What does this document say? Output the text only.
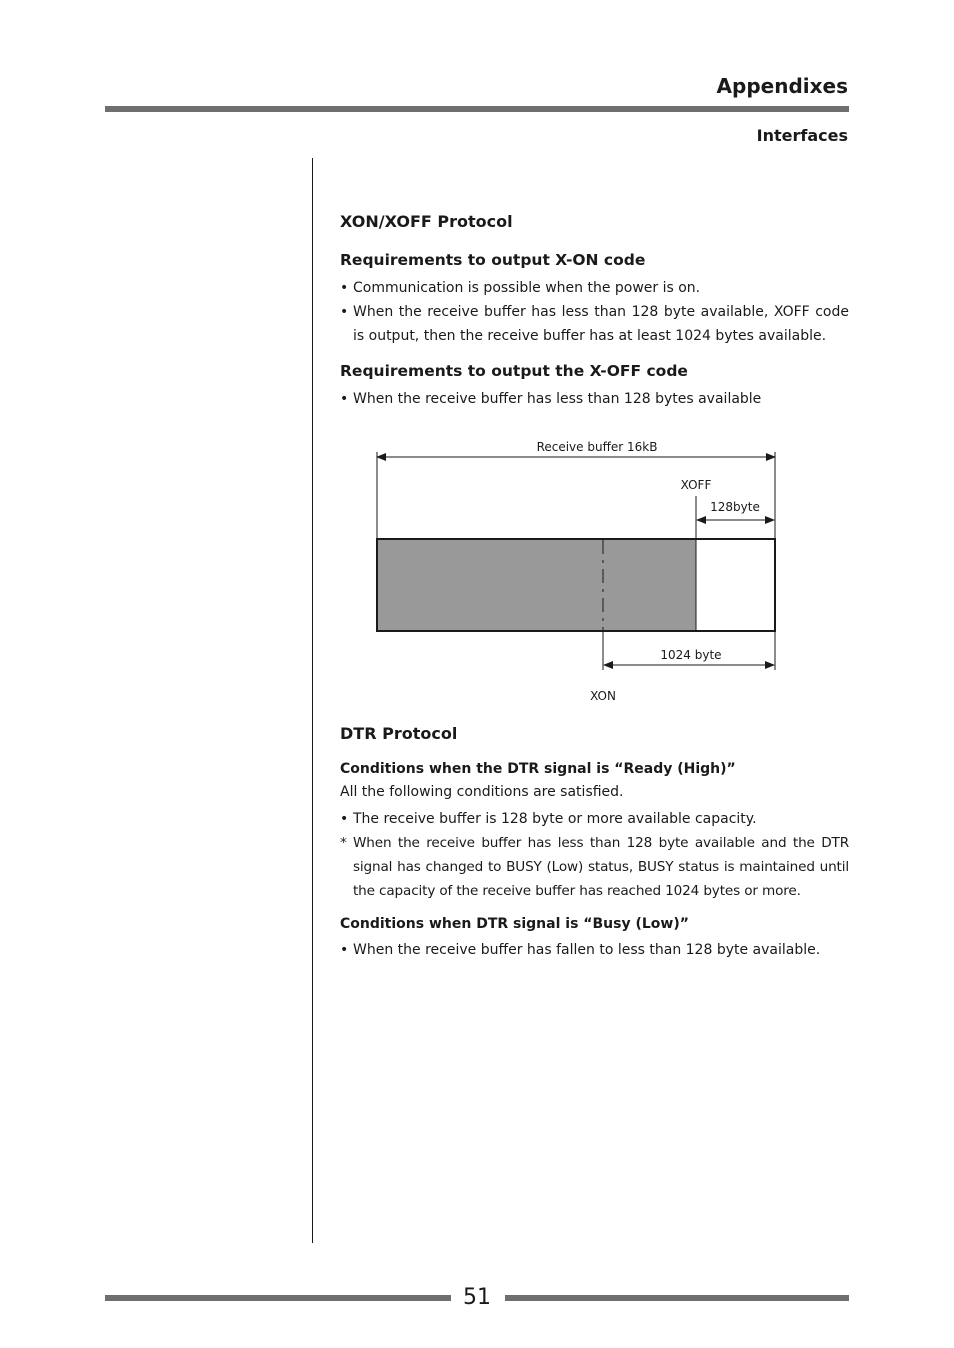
Appendixes
Interfaces
XON/XOFF Protocol
Requirements to output X-ON code
• Communication is possible when the power is on.
• When the receive buffer has less than 128 byte available, XOFF code is output, then the receive buffer has at least 1024 bytes available.
Requirements to output the X-OFF code
• When the receive buffer has less than 128 bytes available
Receive buffer 16kB
XOFF
128byte
1024 byte
XON
DTR Protocol
Conditions when the DTR signal is “Ready (High)”
All the following conditions are satisfied.
• The receive buffer is 128 byte or more available capacity.
* When the receive buffer has less than 128 byte available and the DTR signal has changed to BUSY (Low) status, BUSY status is maintained until the capacity of the receive buffer has reached 1024 bytes or more.
Conditions when DTR signal is “Busy (Low)”
• When the receive buffer has fallen to less than 128 byte available.
51
